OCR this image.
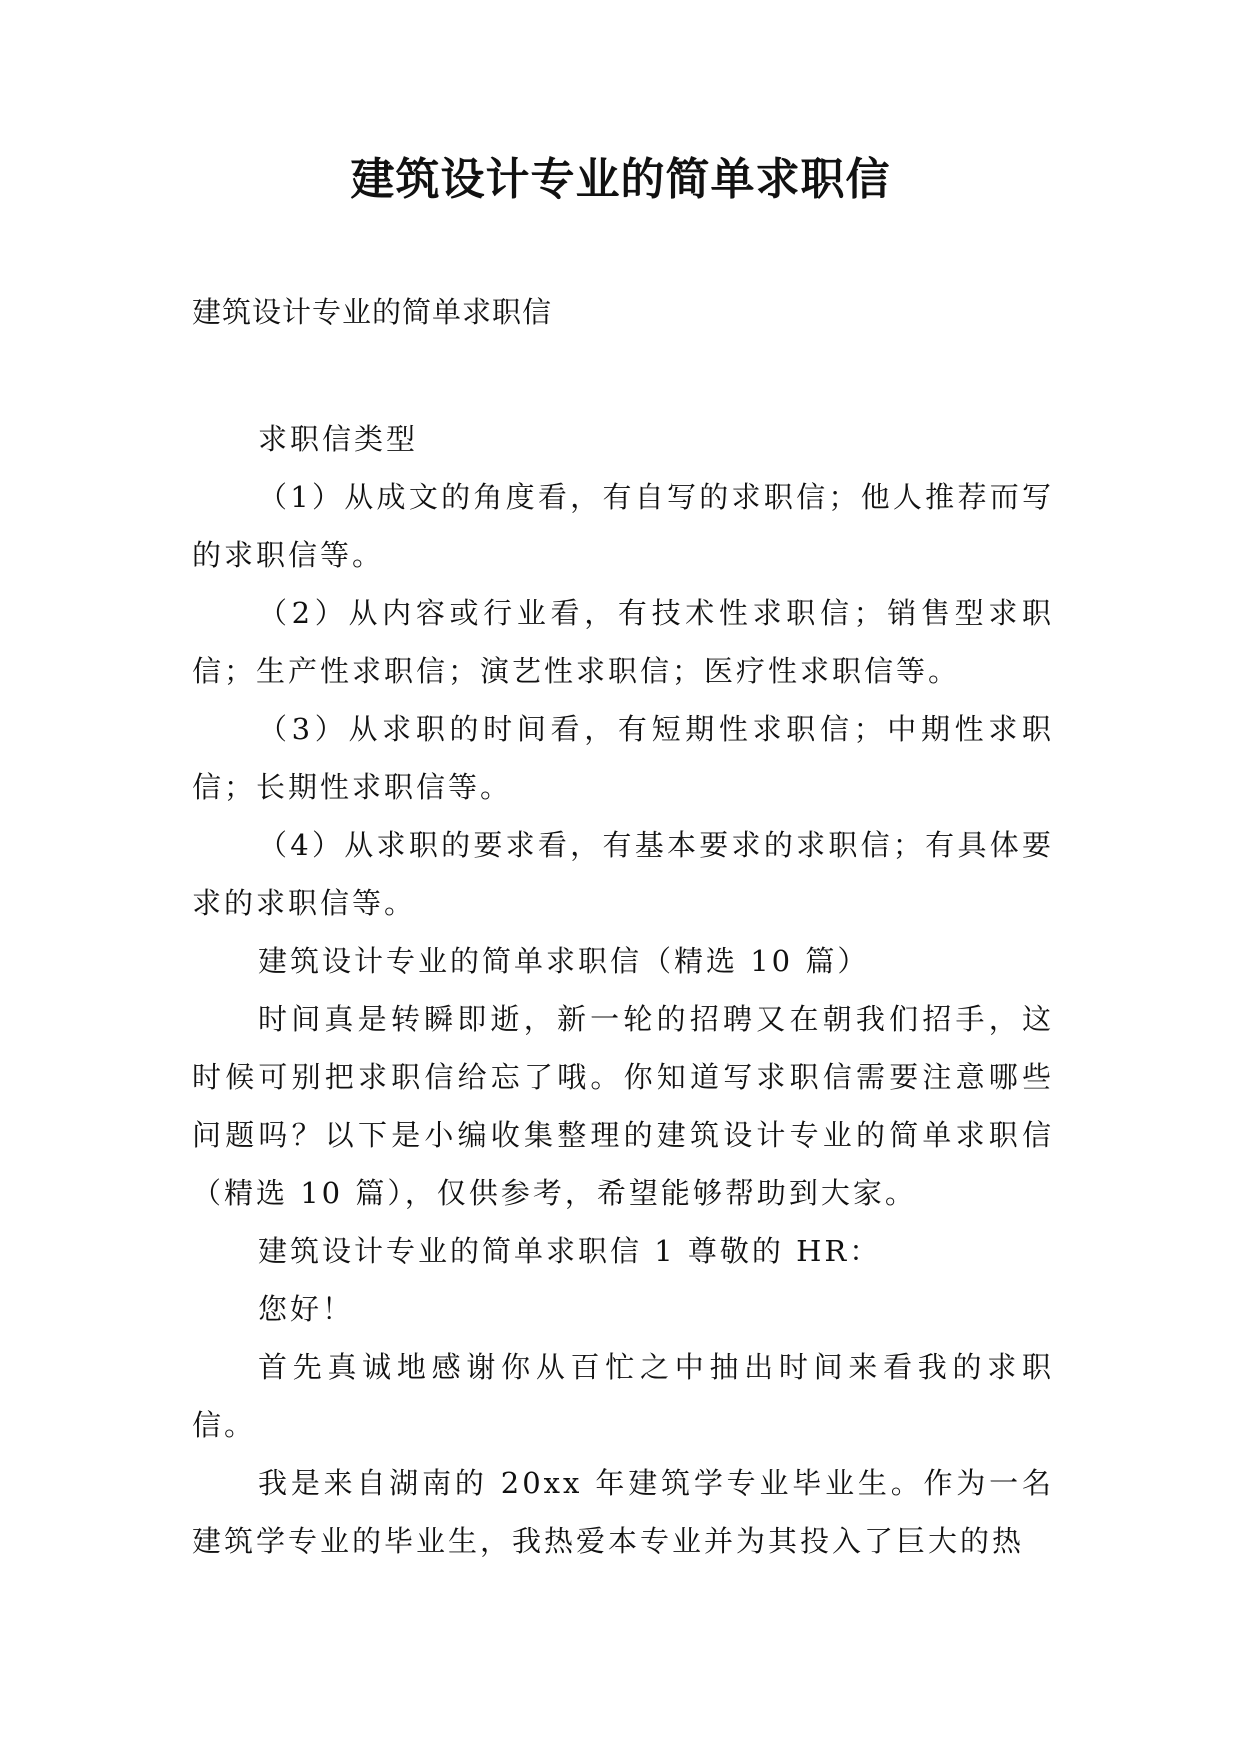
建筑设计专业的简单求职信
建筑设计专业的简单求职信

求职信类型

（1）从成文的角度看，有自写的求职信；他人推荐而写的求职信等。

（2）从内容或行业看，有技术性求职信；销售型求职信；生产性求职信；演艺性求职信；医疗性求职信等。

（3）从求职的时间看，有短期性求职信；中期性求职信；长期性求职信等。

（4）从求职的要求看，有基本要求的求职信；有具体要求的求职信等。

建筑设计专业的简单求职信（精选 10 篇）

时间真是转瞬即逝，新一轮的招聘又在朝我们招手，这时候可别把求职信给忘了哦。你知道写求职信需要注意哪些问题吗？以下是小编收集整理的建筑设计专业的简单求职信（精选 10 篇），仅供参考，希望能够帮助到大家。

建筑设计专业的简单求职信 1 尊敬的 HR：

您好！

首先真诚地感谢你从百忙之中抽出时间来看我的求职信。

我是来自湖南的 20xx 年建筑学专业毕业生。作为一名建筑学专业的毕业生，我热爱本专业并为其投入了巨大的热
